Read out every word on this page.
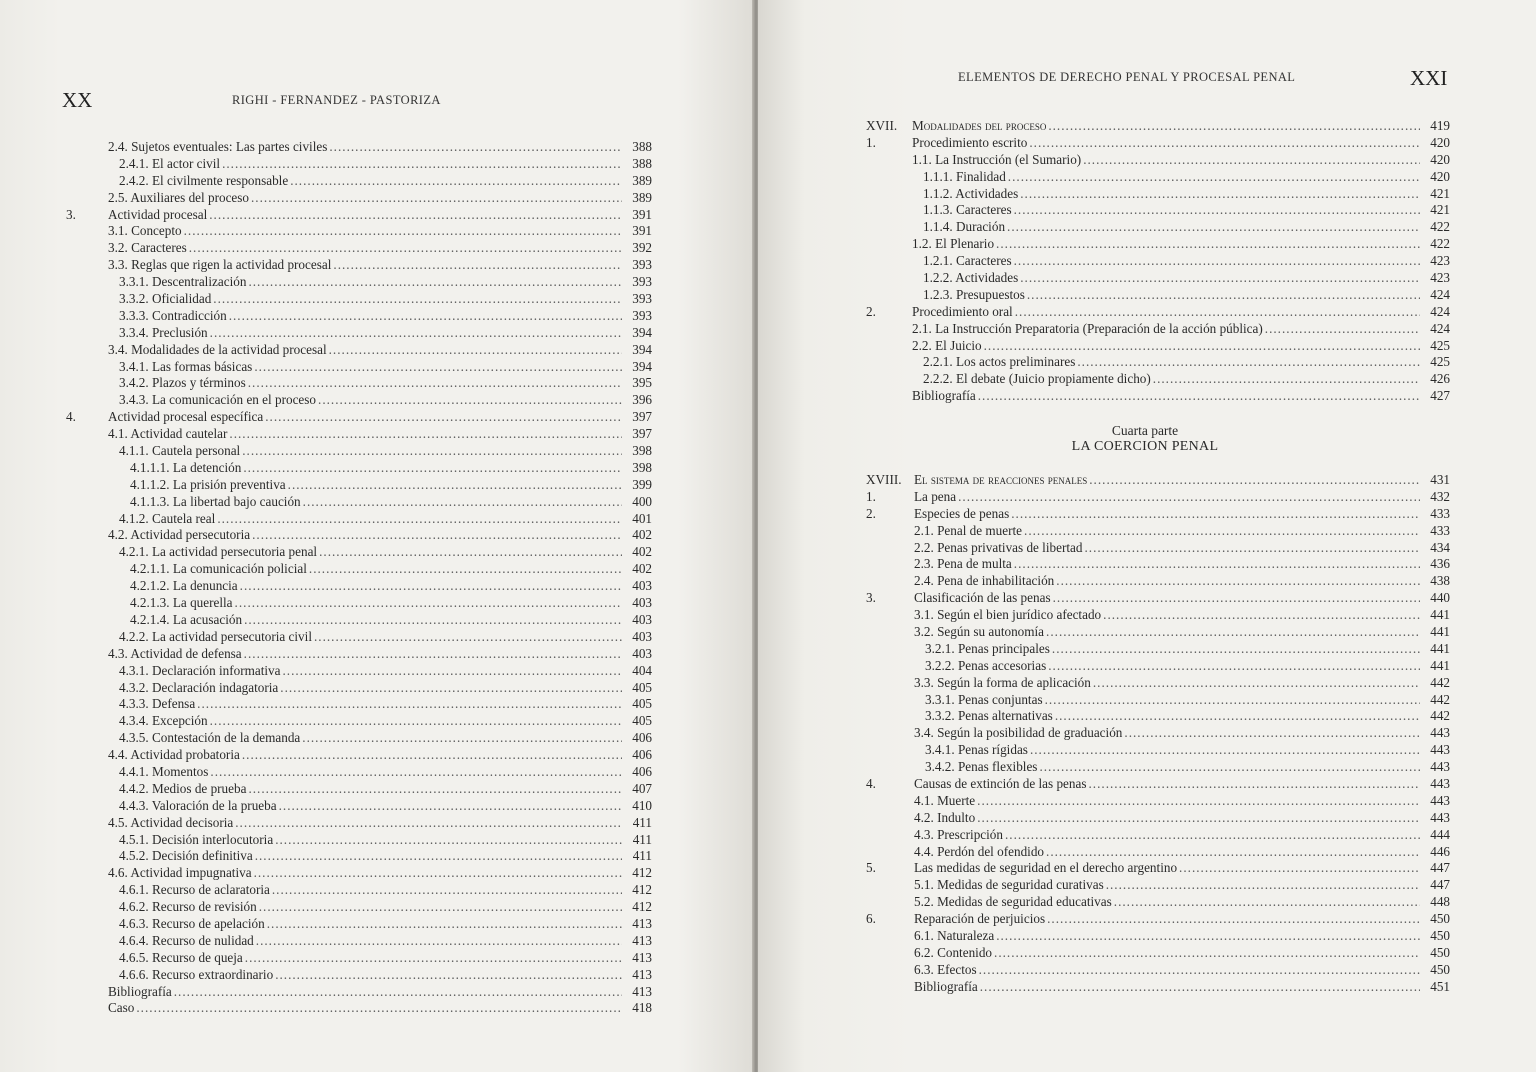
XX	RIGHI - FERNANDEZ - PASTORIZA
2.4. Sujetos eventuales: Las partes civiles .....	388
2.4.1. El actor civil .....	388
2.4.2. El civilmente responsable .....	389
2.5. Auxiliares del proceso .....	389
3. Actividad procesal .....	391
3.1. Concepto .....	391
3.2. Caracteres .....	392
3.3. Reglas que rigen la actividad procesal .....	393
3.3.1. Descentralización .....	393
3.3.2. Oficialidad .....	393
3.3.3. Contradicción .....	393
3.3.4. Preclusión .....	394
3.4. Modalidades de la actividad procesal .....	394
3.4.1. Las formas básicas .....	394
3.4.2. Plazos y términos .....	395
3.4.3. La comunicación en el proceso .....	396
4. Actividad procesal específica .....	397
4.1. Actividad cautelar .....	397
4.1.1. Cautela personal .....	398
4.1.1.1. La detención .....	398
4.1.1.2. La prisión preventiva .....	399
4.1.1.3. La libertad bajo caución .....	400
4.1.2. Cautela real .....	401
4.2. Actividad persecutoria .....	402
4.2.1. La actividad persecutoria penal .....	402
4.2.1.1. La comunicación policial .....	402
4.2.1.2. La denuncia .....	403
4.2.1.3. La querella .....	403
4.2.1.4. La acusación .....	403
4.2.2. La actividad persecutoria civil .....	403
4.3. Actividad de defensa .....	403
4.3.1. Declaración informativa .....	404
4.3.2. Declaración indagatoria .....	405
4.3.3. Defensa .....	405
4.3.4. Excepción .....	405
4.3.5. Contestación de la demanda .....	406
4.4. Actividad probatoria .....	406
4.4.1. Momentos .....	406
4.4.2. Medios de prueba .....	407
4.4.3. Valoración de la prueba .....	410
4.5. Actividad decisoria .....	411
4.5.1. Decisión interlocutoria .....	411
4.5.2. Decisión definitiva .....	411
4.6. Actividad impugnativa .....	412
4.6.1. Recurso de aclaratoria .....	412
4.6.2. Recurso de revisión .....	412
4.6.3. Recurso de apelación .....	413
4.6.4. Recurso de nulidad .....	413
4.6.5. Recurso de queja .....	413
4.6.6. Recurso extraordinario .....	413
Bibliografía .....	413
Caso .....	418
ELEMENTOS DE DERECHO PENAL Y PROCESAL PENAL	XXI
XVII. Modalidades del proceso .....	419
1.	Procedimiento escrito .....	420
1.1. La Instrucción (el Sumario) .....	420
1.1.1. Finalidad .....	420
1.1.2. Actividades .....	421
1.1.3. Caracteres .....	421
1.1.4. Duración .....	422
1.2. El Plenario .....	422
1.2.1. Caracteres .....	423
1.2.2. Actividades .....	423
1.2.3. Presupuestos .....	424
2.	Procedimiento oral .....	424
2.1. La Instrucción Preparatoria (Preparación de la acción pública) .....	424
2.2. El Juicio .....	425
2.2.1. Los actos preliminares .....	425
2.2.2. El debate (Juicio propiamente dicho) .....	426
Bibliografía .....	427
Cuarta parte
LA COERCION PENAL
XVIII. El sistema de reacciones penales .....	431
1.	La pena .....	432
2.	Especies de penas .....	433
2.1. Penal de muerte .....	433
2.2. Penas privativas de libertad .....	434
2.3. Pena de multa .....	436
2.4. Pena de inhabilitación .....	438
3.	Clasificación de las penas .....	440
3.1. Según el bien jurídico afectado .....	441
3.2. Según su autonomía .....	441
3.2.1. Penas principales .....	441
3.2.2. Penas accesorias .....	441
3.3. Según la forma de aplicación .....	442
3.3.1. Penas conjuntas .....	442
3.3.2. Penas alternativas .....	442
3.4. Según la posibilidad de graduación .....	443
3.4.1. Penas rígidas .....	443
3.4.2. Penas flexibles .....	443
4.	Causas de extinción de las penas .....	443
4.1. Muerte .....	443
4.2. Indulto .....	443
4.3. Prescripción .....	444
4.4. Perdón del ofendido .....	446
5.	Las medidas de seguridad en el derecho argentino .....	447
5.1. Medidas de seguridad curativas .....	447
5.2. Medidas de seguridad educativas .....	448
6.	Reparación de perjuicios .....	450
6.1. Naturaleza .....	450
6.2. Contenido .....	450
6.3. Efectos .....	450
Bibliografía .....	451
